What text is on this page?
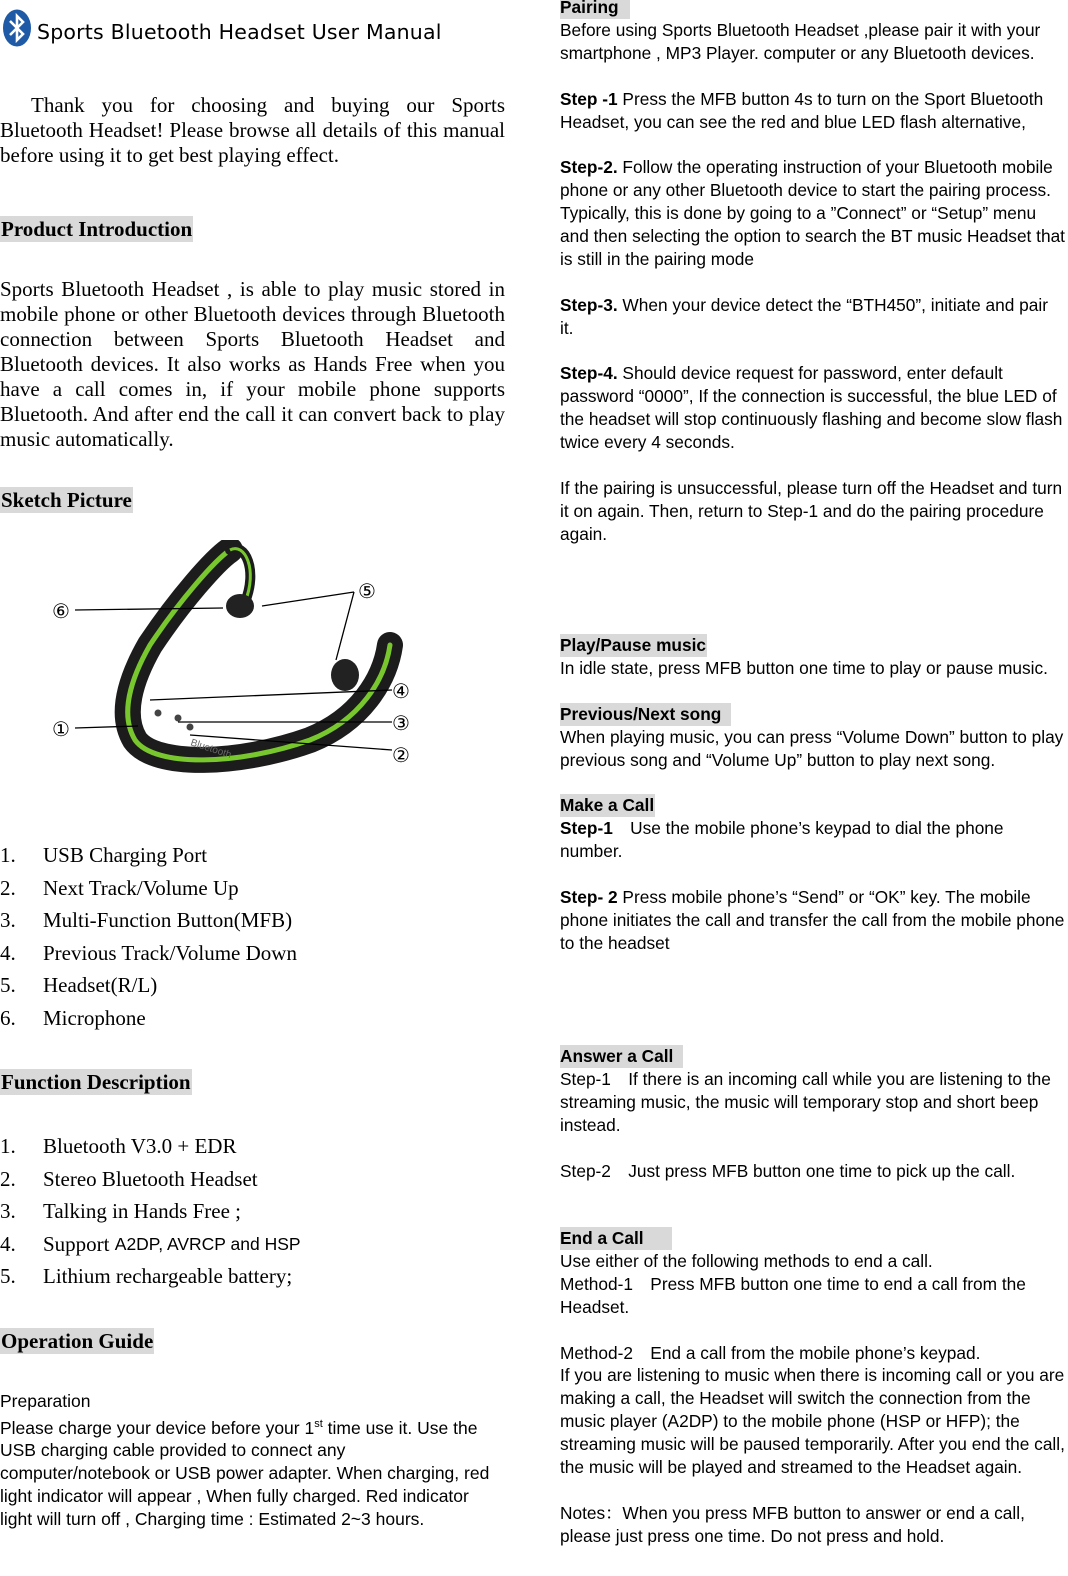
Sports Bluetooth Headset User Manual
Thank you for choosing and buying our Sports Bluetooth Headset! Please browse all details of this manual before using it to get best playing effect.
Product Introduction
Sports Bluetooth Headset , is able to play music stored in mobile phone or other Bluetooth devices through Bluetooth connection between Sports Bluetooth Headset and Bluetooth devices. It also works as Hands Free when you have a call comes in, if your mobile phone supports Bluetooth. And after end the call it can convert back to play music automatically.
Sketch Picture
Bluetooth
①
②
③
④
⑤
⑥
1.	USB Charging Port
2.	Next Track/Volume Up
3.	Multi-Function Button(MFB)
4.	Previous Track/Volume Down
5.	Headset(R/L)
6.	Microphone
Function Description
1.	Bluetooth V3.0 + EDR
2.	Stereo Bluetooth Headset
3.	Talking in Hands Free ;
4.	Support A2DP, AVRCP and HSP
5.	Lithium rechargeable battery;
Operation Guide
Preparation
Please charge your device before your 1st time use it. Use the USB charging cable provided to connect any computer/notebook or USB power adapter. When charging, red light indicator will appear , When fully charged. Red indicator light will turn off , Charging time : Estimated 2~3 hours.

Pairing

Before using Sports Bluetooth Headset ,please pair it with your smartphone , MP3 Player. computer or any Bluetooth devices.

Step -1 Press the MFB button 4s to turn on the Sport Bluetooth Headset, you can see the red and blue LED flash alternative,

Step-2. Follow the operating instruction of your Bluetooth mobile phone or any other Bluetooth device to start the pairing process. Typically, this is done by going to a ”Connect” or “Setup” menu and then selecting the option to search the BT music Headset that is still in the pairing mode

Step-3. When your device detect the “BTH450”, initiate and pair it.

Step-4. Should device request for password, enter default password “0000”, If the connection is successful, the blue LED of the headset will stop continuously flashing and become slow flash twice every 4 seconds.

If the pairing is unsuccessful, please turn off the Headset and turn it on again. Then, return to Step-1 and do the pairing procedure again.

Play/Pause music

In idle state, press MFB button one time to play or pause music.

Previous/Next song

When playing music, you can press “Volume Down” button to play previous song and “Volume Up” button to play next song.

Make a Call

Step-1　Use the mobile phone’s keypad to dial the phone number.

Step- 2 Press mobile phone’s “Send” or “OK” key. The mobile phone initiates the call and transfer the call from the mobile phone to the headset

Answer a Call

Step-1　If there is an incoming call while you are listening to the streaming music, the music will temporary stop and short beep instead.

Step-2　Just press MFB button one time to pick up the call.

End a Call

Use either of the following methods to end a call.

Method-1　Press MFB button one time to end a call from the Headset.

Method-2　End a call from the mobile phone’s keypad.

If you are listening to music when there is incoming call or you are making a call, the Headset will switch the connection from the music player (A2DP) to the mobile phone (HSP or HFP); the streaming music will be paused temporarily. After you end the call, the music will be played and streamed to the Headset again.

Notes：When you press MFB button to answer or end a call, please just press one time. Do not press and hold.
